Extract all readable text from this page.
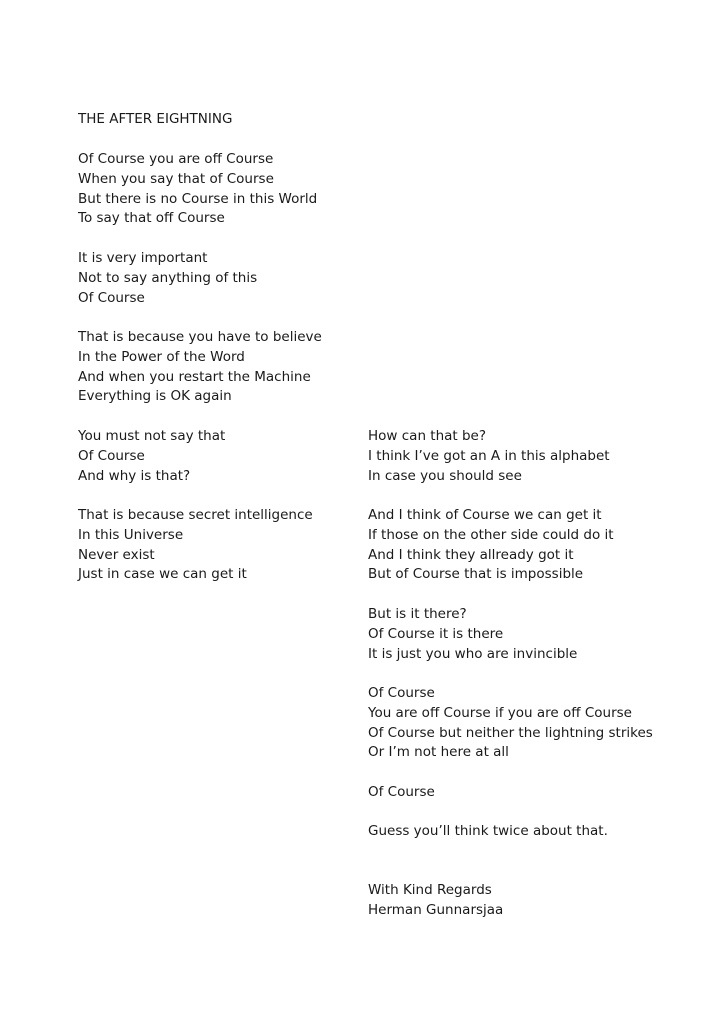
THE AFTER EIGHTNING
Of Course you are off Course
When you say that of Course
But there is no Course in this World
To say that off Course
It is very important
Not to say anything of this
Of Course
That is because you have to believe
In the Power of the Word
And when you restart the Machine
Everything is OK again
You must not say that
Of Course
And why is that?
That is because secret intelligence
In this Universe
Never exist
Just in case we can get it
How can that be?
I think I’ve got an A in this alphabet
In case you should see
And I think of Course we can get it
If those on the other side could do it
And I think they allready got it
But of Course that is impossible
But is it there?
Of Course it is there
It is just you who are invincible
Of Course
You are off Course if you are off Course
Of Course but neither the lightning strikes
Or I’m not here at all
Of Course
Guess you’ll think twice about that.
With Kind Regards
Herman Gunnarsjaa
